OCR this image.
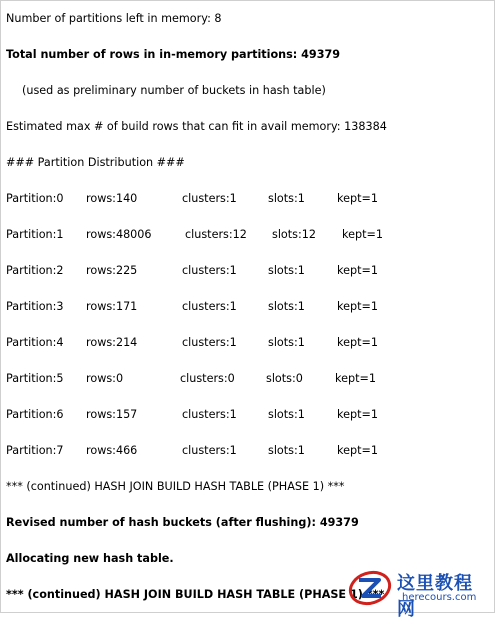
Number of partitions left in memory: 8
Total number of rows in in-memory partitions: 49379
(used as preliminary number of buckets in hash table)
Estimated max # of build rows that can fit in avail memory: 138384
### Partition Distribution ###
Partition:0 rows:140	clusters:1	slots:1	kept=1
Partition:1 rows:48006	clusters:12 slots:12 kept=1
Partition:2 rows:225	clusters:1	slots:1	kept=1
Partition:3 rows:171	clusters:1	slots:1	kept=1
Partition:4 rows:214	clusters:1	slots:1	kept=1
Partition:5 rows:0	clusters:0	slots:0	kept=1
Partition:6 rows:157	clusters:1	slots:1	kept=1
Partition:7 rows:466	clusters:1	slots:1	kept=1
*** (continued) HASH JOIN BUILD HASH TABLE (PHASE 1) ***
Revised number of hash buckets (after flushing): 49379
Allocating new hash table.
*** (continued) HASH JOIN BUILD HASH TABLE (PHASE 1) ***
这里教程网
herecours.com
